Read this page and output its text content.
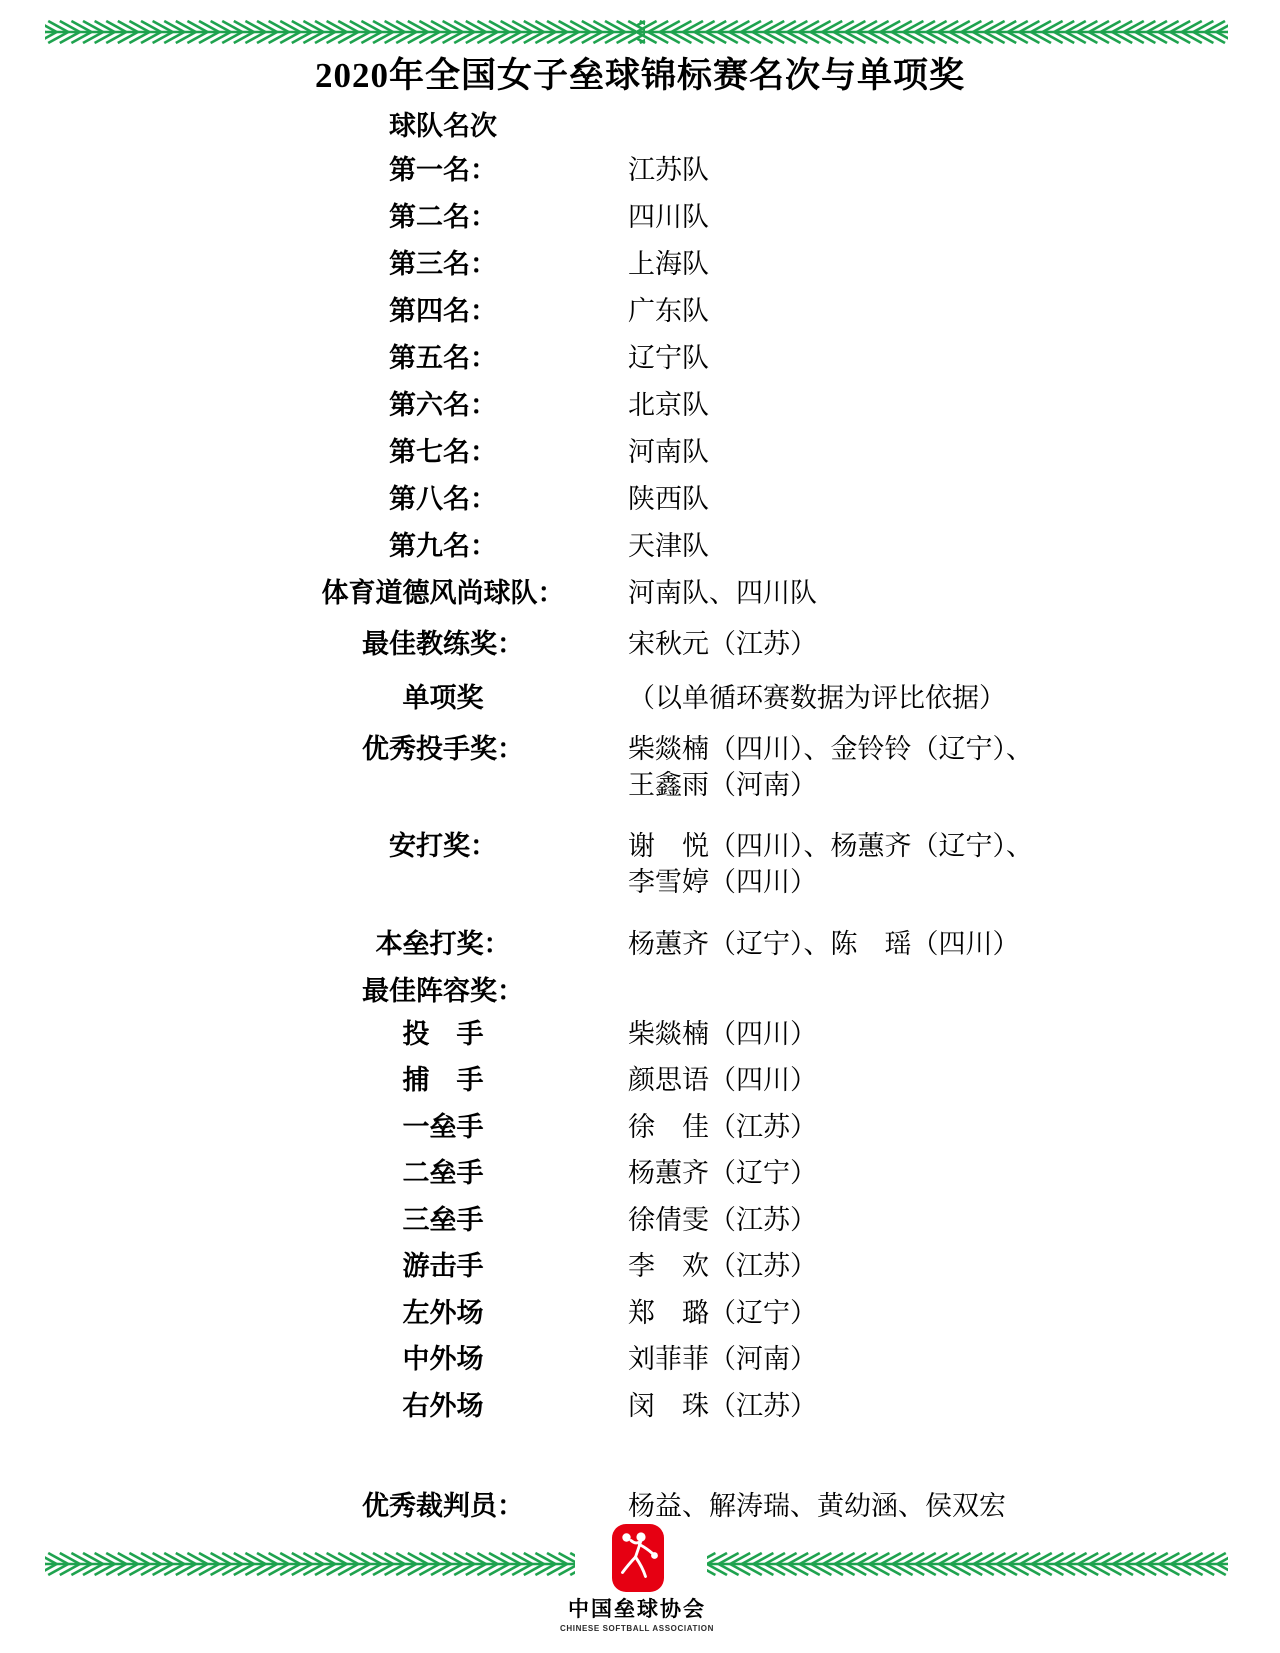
2020年全国女子垒球锦标赛名次与单项奖
球队名次
第一名：	江苏队
第二名：	四川队
第三名：	上海队
第四名：	广东队
第五名：	辽宁队
第六名：	北京队
第七名：	河南队
第八名：	陕西队
第九名：	天津队
体育道德风尚球队：	河南队、四川队
最佳教练奖：	宋秋元（江苏）
单项奖	（以单循环赛数据为评比依据）
优秀投手奖：	柴燚楠（四川）、金铃铃（辽宁）、
王鑫雨（河南）
安打奖：	谢　悦（四川）、杨蕙齐（辽宁）、
李雪婷（四川）
本垒打奖：	杨蕙齐（辽宁）、陈　瑶（四川）
最佳阵容奖：
投　手	柴燚楠（四川）
捕　手	颜思语（四川）
一垒手	徐　佳（江苏）
二垒手	杨蕙齐（辽宁）
三垒手	徐倩雯（江苏）
游击手	李　欢（江苏）
左外场	郑　璐（辽宁）
中外场	刘菲菲（河南）
右外场	闵　珠（江苏）
优秀裁判员：	杨益、解涛瑞、黄幼涵、侯双宏
中国垒球协会
CHINESE SOFTBALL ASSOCIATION
